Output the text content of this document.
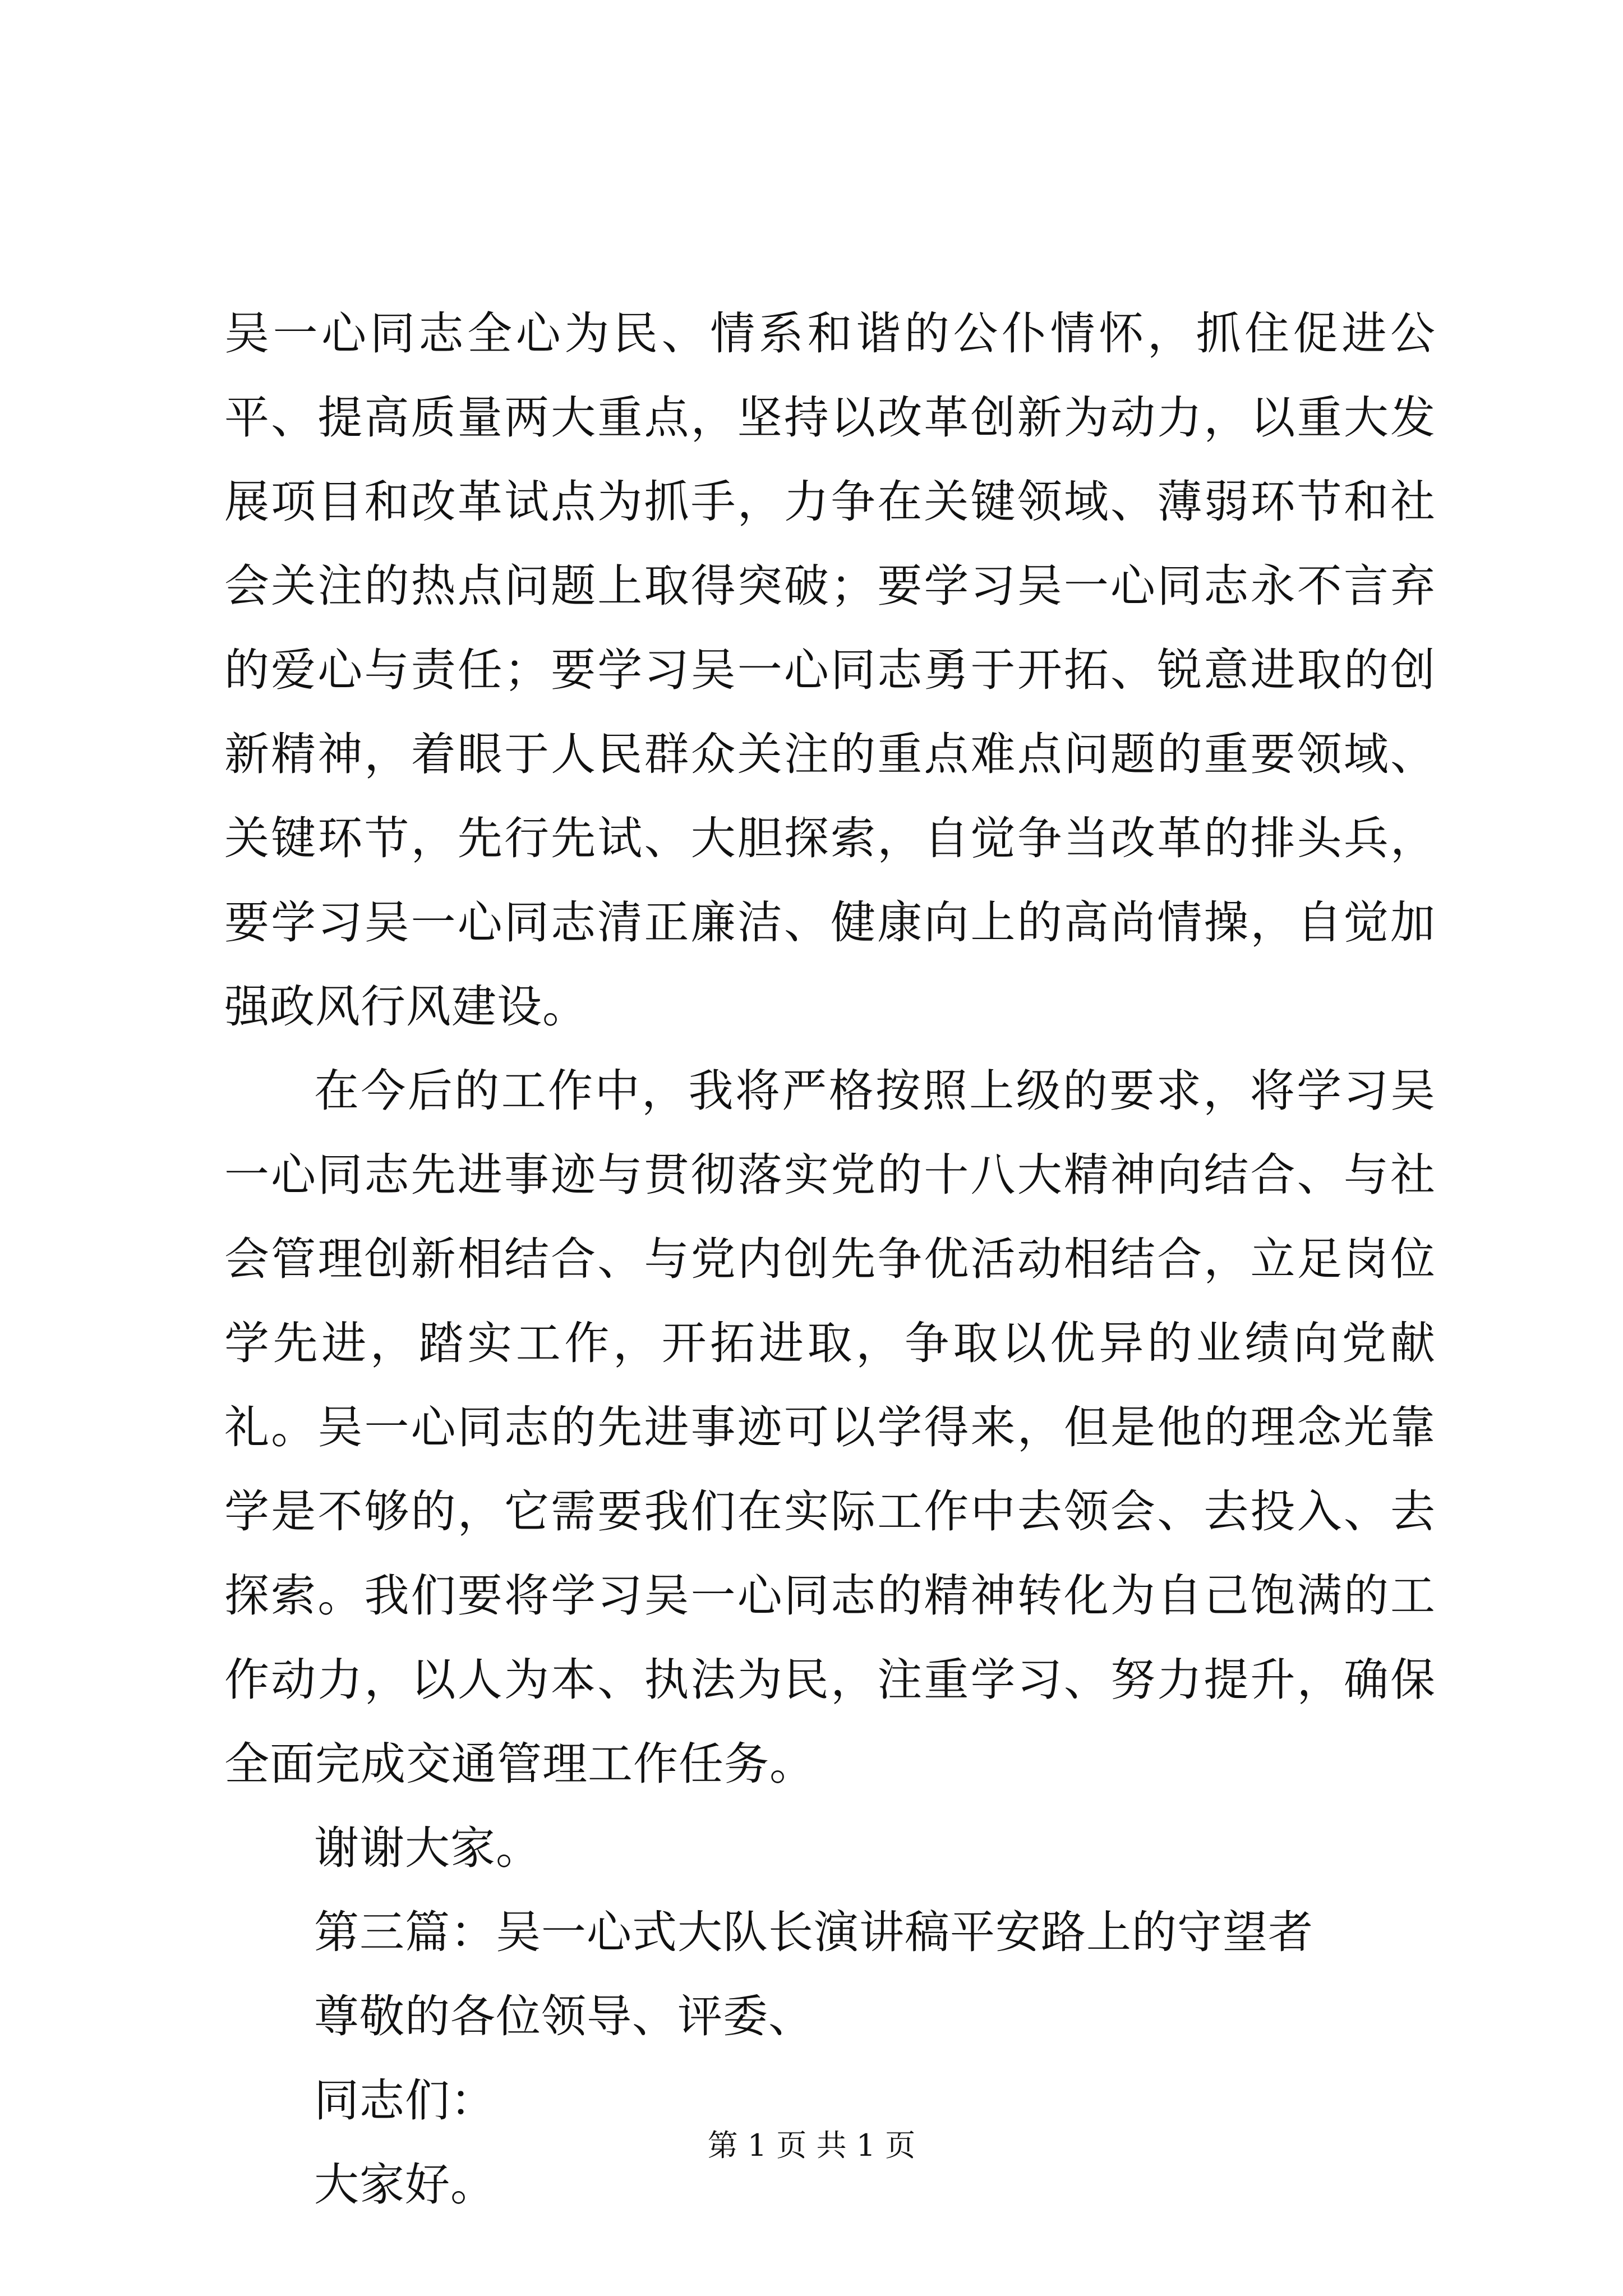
吴一心同志全心为民、情系和谐的公仆情怀，抓住促进公平、提高质量两大重点，坚持以改革创新为动力，以重大发展项目和改革试点为抓手，力争在关键领域、薄弱环节和社会关注的热点问题上取得突破；要学习吴一心同志永不言弃的爱心与责任；要学习吴一心同志勇于开拓、锐意进取的创新精神，着眼于人民群众关注的重点难点问题的重要领域、关键环节，先行先试、大胆探索，自觉争当改革的排头兵，要学习吴一心同志清正廉洁、健康向上的高尚情操，自觉加强政风行风建设。

在今后的工作中，我将严格按照上级的要求，将学习吴一心同志先进事迹与贯彻落实党的十八大精神向结合、与社会管理创新相结合、与党内创先争优活动相结合，立足岗位学先进，踏实工作，开拓进取，争取以优异的业绩向党献礼。吴一心同志的先进事迹可以学得来，但是他的理念光靠学是不够的，它需要我们在实际工作中去领会、去投入、去探索。我们要将学习吴一心同志的精神转化为自己饱满的工作动力，以人为本、执法为民，注重学习、努力提升，确保全面完成交通管理工作任务。

谢谢大家。

第三篇：吴一心式大队长演讲稿平安路上的守望者

尊敬的各位领导、评委、

同志们：

大家好。

第 1 页 共 1 页
